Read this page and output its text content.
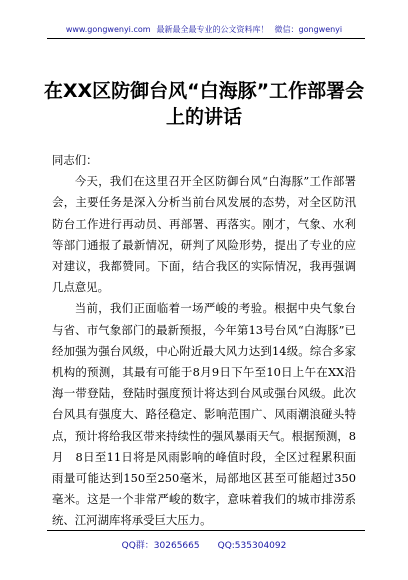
www.gongwenyi.com 最新最全最专业的公文资料库！ 微信：gongwenyi
在XX区防御台风“白海豚”工作部署会
上的讲话

同志们：

今天，我们在这里召开全区防御台风“白海豚”工作部署会，主要任务是深入分析当前台风发展的态势，对全区防汛防台工作进行再动员、再部署、再落实。刚才，气象、水利等部门通报了最新情况，研判了风险形势，提出了专业的应对建议，我都赞同。下面，结合我区的实际情况，我再强调几点意见。

当前，我们正面临着一场严峻的考验。根据中央气象台与省、市气象部门的最新预报，今年第13号台风“白海豚”已经加强为强台风级，中心附近最大风力达到14级。综合多家机构的预测，其最有可能于8月9日下午至10日上午在XX沿海一带登陆，登陆时强度预计将达到台风或强台风级。此次台风具有强度大、路径稳定、影响范围广、风雨潮浪碰头特点，预计将给我区带来持续性的强风暴雨天气。根据预测，8月　8日至11日将是风雨影响的峰值时段，全区过程累积面雨量可能达到150至250毫米，局部地区甚至可能超过350毫米。这是一个非常严峻的数字，意味着我们的城市排涝系统、江河湖库将承受巨大压力。

QQ群：30265665 QQ:535304092
